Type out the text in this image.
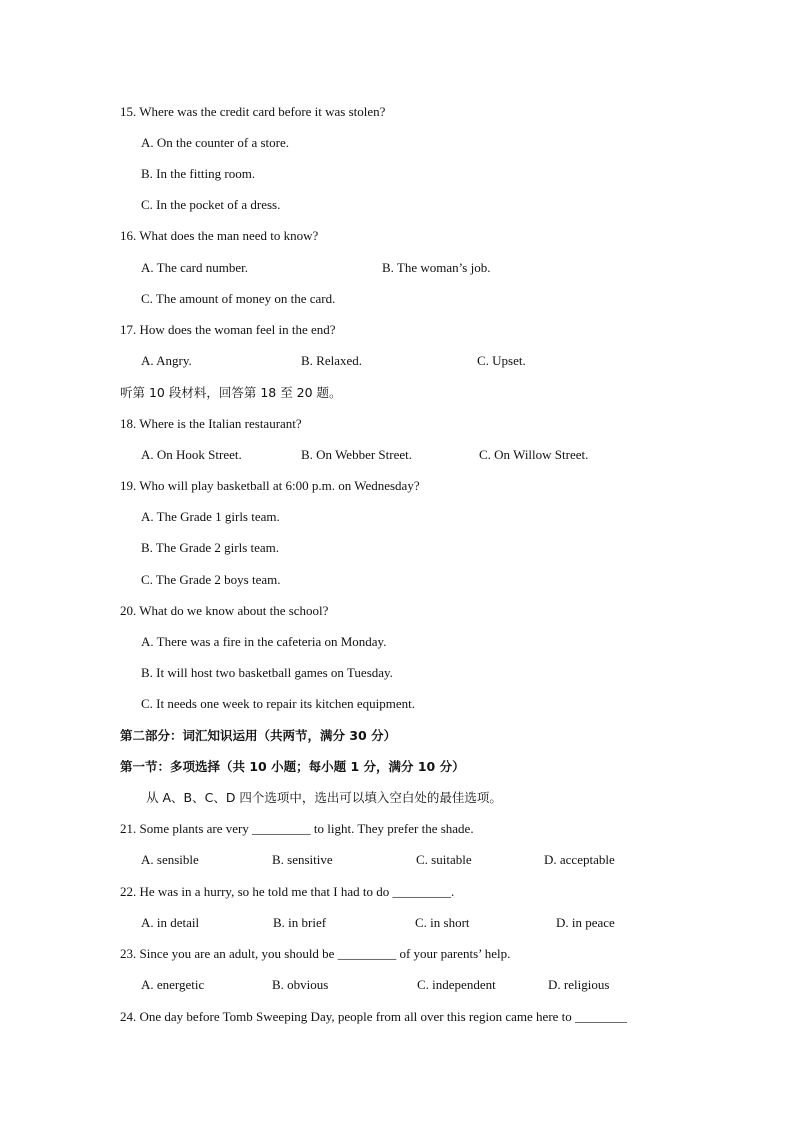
15. Where was the credit card before it was stolen?
A. On the counter of a store.
B. In the fitting room.
C. In the pocket of a dress.
16. What does the man need to know?
A. The card number.	B. The woman’s job.
C. The amount of money on the card.
17. How does the woman feel in the end?
A. Angry.	B. Relaxed.	C. Upset.
听第 10 段材料，回答第 18 至 20 题。
18. Where is the Italian restaurant?
A. On Hook Street.	B. On Webber Street.	C. On Willow Street.
19. Who will play basketball at 6:00 p.m. on Wednesday?
A. The Grade 1 girls team.
B. The Grade 2 girls team.
C. The Grade 2 boys team.
20. What do we know about the school?
A. There was a fire in the cafeteria on Monday.
B. It will host two basketball games on Tuesday.
C. It needs one week to repair its kitchen equipment.
第二部分：词汇知识运用（共两节，满分 30 分）
第一节：多项选择（共 10 小题；每小题 1 分，满分 10 分）
从 A、B、C、D 四个选项中，选出可以填入空白处的最佳选项。
21. Some plants are very _________ to light. They prefer the shade.
A. sensible	B. sensitive	C. suitable	D. acceptable
22. He was in a hurry, so he told me that I had to do _________.
A. in detail	B. in brief	C. in short	D. in peace
23. Since you are an adult, you should be _________ of your parents’ help.
A. energetic	B. obvious	C. independent	D. religious
24. One day before Tomb Sweeping Day, people from all over this region came here to ________
